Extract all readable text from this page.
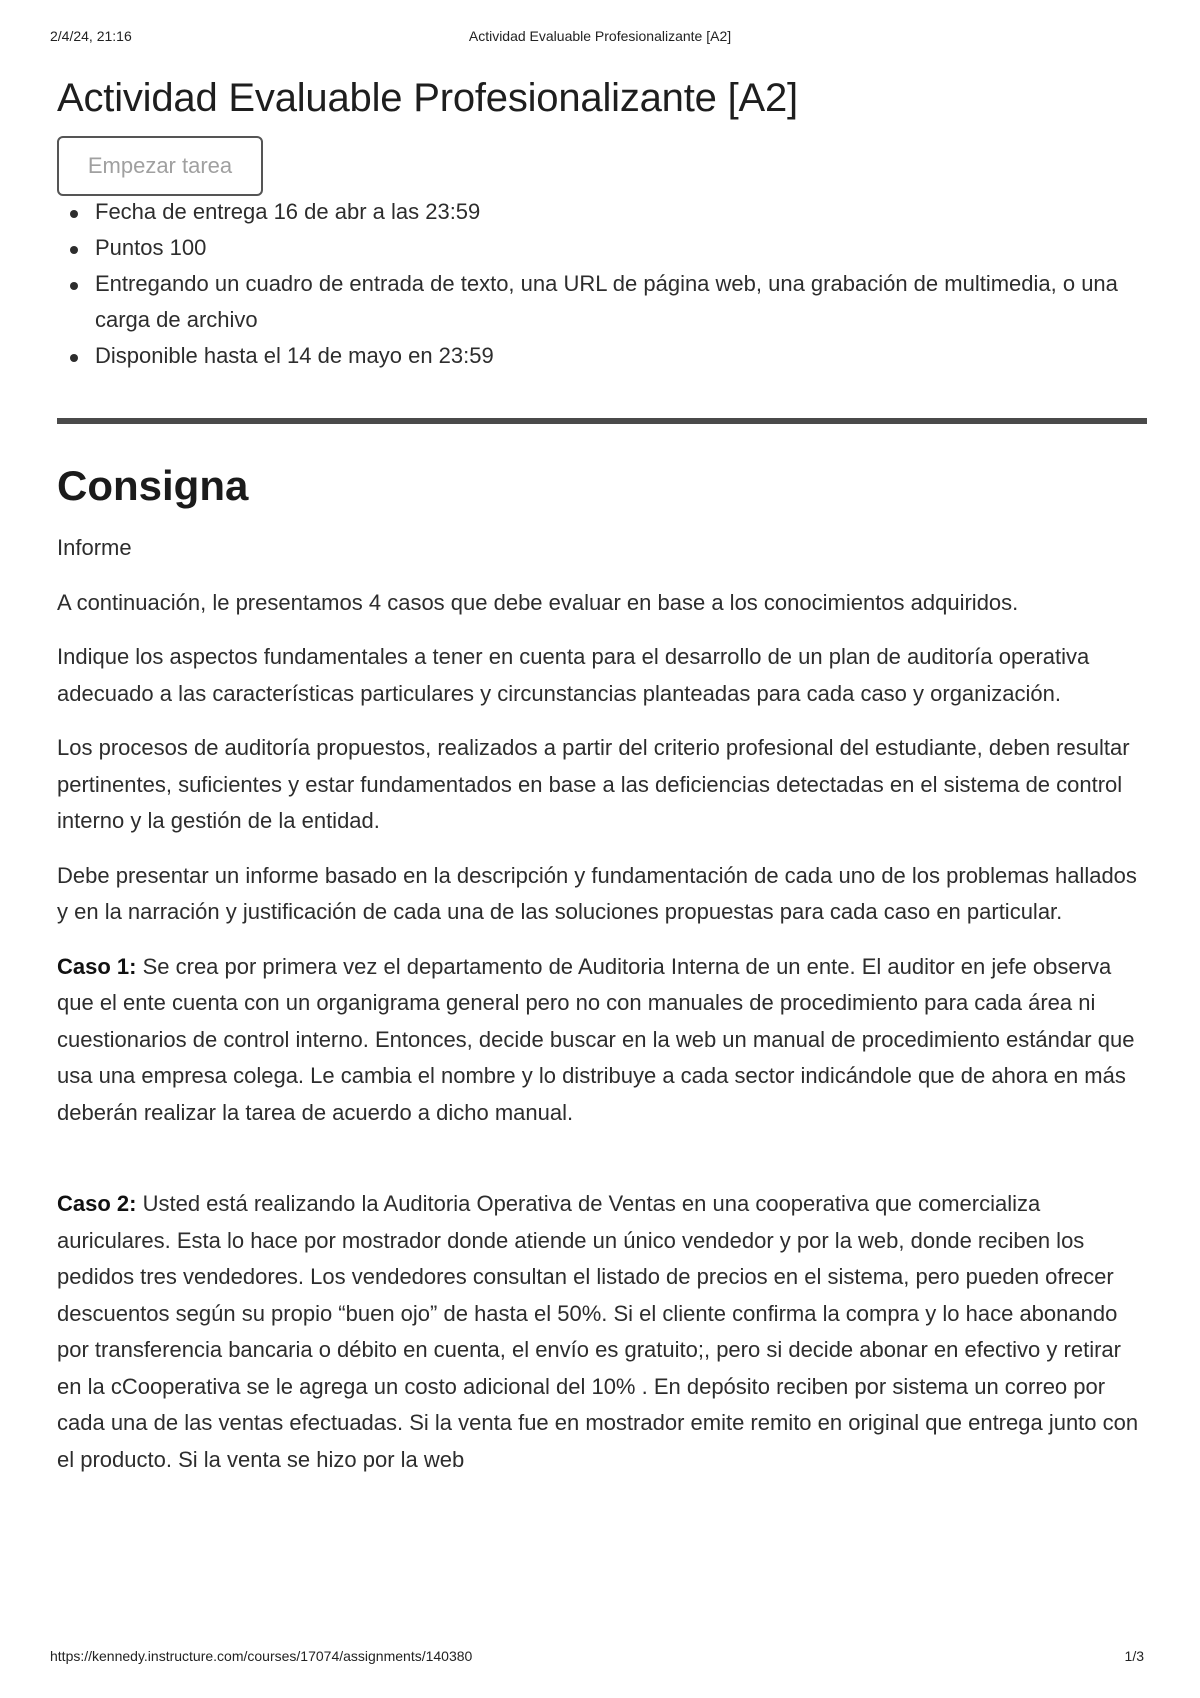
2/4/24, 21:16	Actividad Evaluable Profesionalizante [A2]
Actividad Evaluable Profesionalizante [A2]
Empezar tarea
Fecha de entrega 16 de abr a las 23:59
Puntos 100
Entregando un cuadro de entrada de texto, una URL de página web, una grabación de multimedia, o una carga de archivo
Disponible hasta el 14 de mayo en 23:59
Consigna

Informe

A continuación, le presentamos 4 casos que debe evaluar en base a los conocimientos adquiridos.

Indique los aspectos fundamentales a tener en cuenta para el desarrollo de un plan de auditoría operativa adecuado a las características particulares y circunstancias planteadas para cada caso y organización.

Los procesos de auditoría propuestos, realizados a partir del criterio profesional del estudiante, deben resultar pertinentes, suficientes y estar fundamentados en base a las deficiencias detectadas en el sistema de control interno y la gestión de la entidad.

Debe presentar un informe basado en la descripción y fundamentación de cada uno de los problemas hallados y en la narración y justificación de cada una de las soluciones propuestas para cada caso en particular.

Caso 1: Se crea por primera vez el departamento de Auditoria Interna de un ente. El auditor en jefe observa que el ente cuenta con un organigrama general pero no con manuales de procedimiento para cada área ni cuestionarios de control interno. Entonces, decide buscar en la web un manual de procedimiento estándar que usa una empresa colega. Le cambia el nombre y lo distribuye a cada sector indicándole que de ahora en más deberán realizar la tarea de acuerdo a dicho manual.

Caso 2: Usted está realizando la Auditoria Operativa de Ventas en una cooperativa que comercializa auriculares. Esta lo hace por mostrador donde atiende un único vendedor y por la web, donde reciben los pedidos tres vendedores. Los vendedores consultan el listado de precios en el sistema, pero pueden ofrecer descuentos según su propio “buen ojo” de hasta el 50%. Si el cliente confirma la compra y lo hace abonando por transferencia bancaria o débito en cuenta, el envío es gratuito;, pero si decide abonar en efectivo y retirar en la cCooperativa se le agrega un costo adicional del 10% . En depósito reciben por sistema un correo por cada una de las ventas efectuadas. Si la venta fue en mostrador emite remito en original que entrega junto con el producto. Si la venta se hizo por la web

https://kennedy.instructure.com/courses/17074/assignments/140380	1/3
